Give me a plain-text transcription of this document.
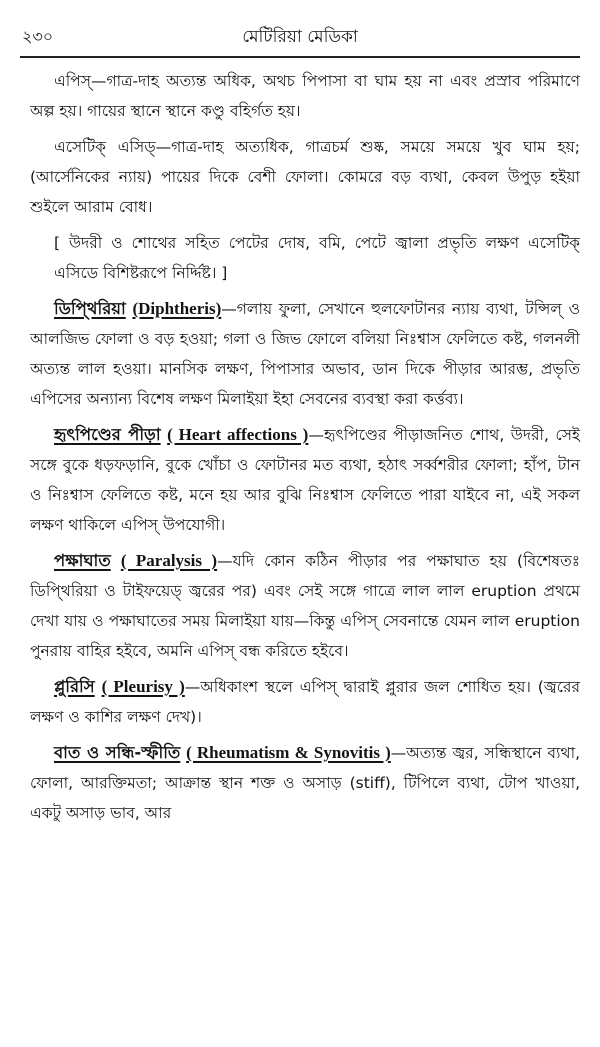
২৩০	মেটিরিয়া মেডিকা

এপিস্—গাত্র-দাহ অত্যন্ত অধিক, অথচ পিপাসা বা ঘাম হয় না এবং প্রস্রাব পরিমাণে অল্প হয়। গায়ের স্থানে স্থানে কণ্ডু বহির্গত হয়।

এসেটিক্ এসিড্—গাত্র-দাহ অত্যধিক, গাত্রচর্ম শুষ্ক, সময়ে সময়ে খুব ঘাম হয়; (আর্সেনিকের ন্যায়) পায়ের দিকে বেশী ফোলা। কোমরে বড় ব্যথা, কেবল উপুড় হইয়া শুইলে আরাম বোধ।

[ উদরী ও শোথের সহিত পেটের দোষ, বমি, পেটে জ্বালা প্রভৃতি লক্ষণ এসেটিক্ এসিডে বিশিষ্টরূপে নির্দ্দিষ্ট। ]

ডিপ্থিরিয়া (Diphtheris)—গলায় ফুলা, সেখানে হুলফোটানর ন্যায় ব্যথা, টন্সিল্ ও আলজিভ ফোলা ও বড় হওয়া; গলা ও জিভ ফোলে বলিয়া নিঃশ্বাস ফেলিতে কষ্ট, গলনলী অত্যন্ত লাল হওয়া। মানসিক লক্ষণ, পিপাসার অভাব, ডান দিকে পীড়ার আরম্ভ, প্রভৃতি এপিসের অন্যান্য বিশেষ লক্ষণ মিলাইয়া ইহা সেবনের ব্যবস্থা করা কর্ত্তব্য।

হৃৎপিণ্ডের পীড়া ( Heart affections )—হৃৎপিণ্ডের পীড়াজনিত শোথ, উদরী, সেই সঙ্গে বুকে ধড়ফড়ানি, বুকে খোঁচা ও ফোটানর মত ব্যথা, হঠাৎ সর্ব্বশরীর ফোলা; হাঁপ, টান ও নিঃশ্বাস ফেলিতে কষ্ট, মনে হয় আর বুঝি নিঃশ্বাস ফেলিতে পারা যাইবে না, এই সকল লক্ষণ থাকিলে এপিস্ উপযোগী।

পক্ষাঘাত ( Paralysis )—যদি কোন কঠিন পীড়ার পর পক্ষাঘাত হয় (বিশেষতঃ ডিপ্থিরিয়া ও টাইফয়েড্ জ্বরের পর) এবং সেই সঙ্গে গাত্রে লাল লাল eruption প্রথমে দেখা যায় ও পক্ষাঘাতের সময় মিলাইয়া যায়—কিন্তু এপিস্ সেবনান্তে যেমন লাল eruption পুনরায় বাহির হইবে, অমনি এপিস্ বন্ধ করিতে হইবে।

প্লুরিসি ( Pleurisy )—অধিকাংশ স্থলে এপিস্ দ্বারাই প্লুরার জল শোধিত হয়। (জ্বরের লক্ষণ ও কাশির লক্ষণ দেখ)।

বাত ও সন্ধি-স্ফীতি ( Rheumatism & Synovitis )—অত্যন্ত জ্বর, সন্ধিস্থানে ব্যথা, ফোলা, আরক্তিমতা; আক্রান্ত স্থান শক্ত ও অসাড় (stiff), টিপিলে ব্যথা, টোপ খাওয়া, একটু অসাড় ভাব, আর
